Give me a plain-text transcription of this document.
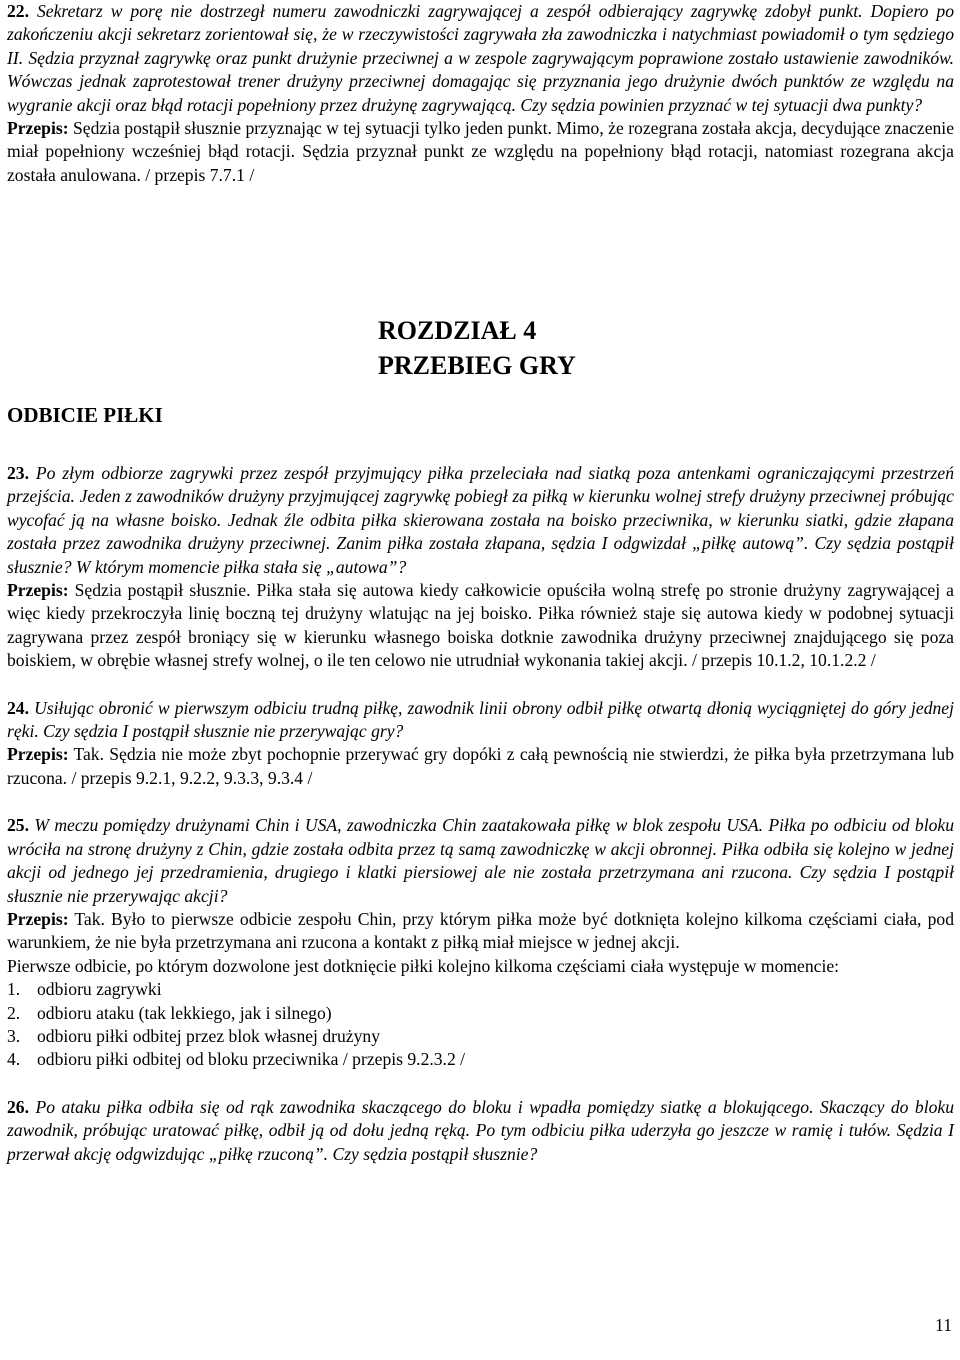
22. Sekretarz w porę nie dostrzegł numeru zawodniczki zagrywającej a zespół odbierający zagrywkę zdobył punkt. Dopiero po zakończeniu akcji sekretarz zorientował się, że w rzeczywistości zagrywała zła zawodniczka i natychmiast powiadomił o tym sędziego II. Sędzia przyznał zagrywkę oraz punkt drużynie przeciwnej a w zespole zagrywającym poprawione zostało ustawienie zawodników. Wówczas jednak zaprotestował trener drużyny przeciwnej domagając się przyznania jego drużynie dwóch punktów ze względu na wygranie akcji oraz błąd rotacji popełniony przez drużynę zagrywającą. Czy sędzia powinien przyznać w tej sytuacji dwa punkty?

Przepis: Sędzia postąpił słusznie przyznając w tej sytuacji tylko jeden punkt. Mimo, że rozegrana została akcja, decydujące znaczenie miał popełniony wcześniej błąd rotacji. Sędzia przyznał punkt ze względu na popełniony błąd rotacji, natomiast rozegrana akcja została anulowana. / przepis 7.7.1 /

ROZDZIAŁ 4
PRZEBIEG GRY
ODBICIE PIŁKI

23. Po złym odbiorze zagrywki przez zespół przyjmujący piłka przeleciała nad siatką poza antenkami ograniczającymi przestrzeń przejścia. Jeden z zawodników drużyny przyjmującej zagrywkę pobiegł za piłką w kierunku wolnej strefy drużyny przeciwnej próbując wycofać ją na własne boisko. Jednak źle odbita piłka skierowana została na boisko przeciwnika, w kierunku siatki, gdzie złapana została przez zawodnika drużyny przeciwnej. Zanim piłka została złapana, sędzia I odgwizdał „piłkę autową”. Czy sędzia postąpił słusznie? W którym momencie piłka stała się „autowa”?

Przepis: Sędzia postąpił słusznie. Piłka stała się autowa kiedy całkowicie opuściła wolną strefę po stronie drużyny zagrywającej a więc kiedy przekroczyła linię boczną tej drużyny wlatując na jej boisko. Piłka również staje się autowa kiedy w podobnej sytuacji zagrywana przez zespół broniący się w kierunku własnego boiska dotknie zawodnika drużyny przeciwnej znajdującego się poza boiskiem, w obrębie własnej strefy wolnej, o ile ten celowo nie utrudniał wykonania takiej akcji. / przepis 10.1.2, 10.1.2.2 /

24. Usiłując obronić w pierwszym odbiciu trudną piłkę, zawodnik linii obrony odbił piłkę otwartą dłonią wyciągniętej do góry jednej ręki. Czy sędzia I postąpił słusznie nie przerywając gry?

Przepis: Tak. Sędzia nie może zbyt pochopnie przerywać gry dopóki z całą pewnością nie stwierdzi, że piłka była przetrzymana lub rzucona. / przepis 9.2.1, 9.2.2, 9.3.3, 9.3.4 /

25. W meczu pomiędzy drużynami Chin i USA, zawodniczka Chin zaatakowała piłkę w blok zespołu USA. Piłka po odbiciu od bloku wróciła na stronę drużyny z Chin, gdzie została odbita przez tą samą zawodniczkę w akcji obronnej. Piłka odbiła się kolejno w jednej akcji od jednego jej przedramienia, drugiego i klatki piersiowej ale nie została przetrzymana ani rzucona. Czy sędzia I postąpił słusznie nie przerywając akcji?

Przepis: Tak. Było to pierwsze odbicie zespołu Chin, przy którym piłka może być dotknięta kolejno kilkoma częściami ciała, pod warunkiem, że nie była przetrzymana ani rzucona a kontakt z piłką miał miejsce w jednej akcji.

Pierwsze odbicie, po którym dozwolone jest dotknięcie piłki kolejno kilkoma częściami ciała występuje w momencie:

1. odbioru zagrywki
2. odbioru ataku (tak lekkiego, jak i silnego)
3. odbioru piłki odbitej przez blok własnej drużyny
4. odbioru piłki odbitej od bloku przeciwnika / przepis 9.2.3.2 /

26. Po ataku piłka odbiła się od rąk zawodnika skaczącego do bloku i wpadła pomiędzy siatkę a blokującego. Skaczący do bloku zawodnik, próbując uratować piłkę, odbił ją od dołu jedną ręką. Po tym odbiciu piłka uderzyła go jeszcze w ramię i tułów. Sędzia I przerwał akcję odgwizdując „piłkę rzuconą”. Czy sędzia postąpił słusznie?

11
